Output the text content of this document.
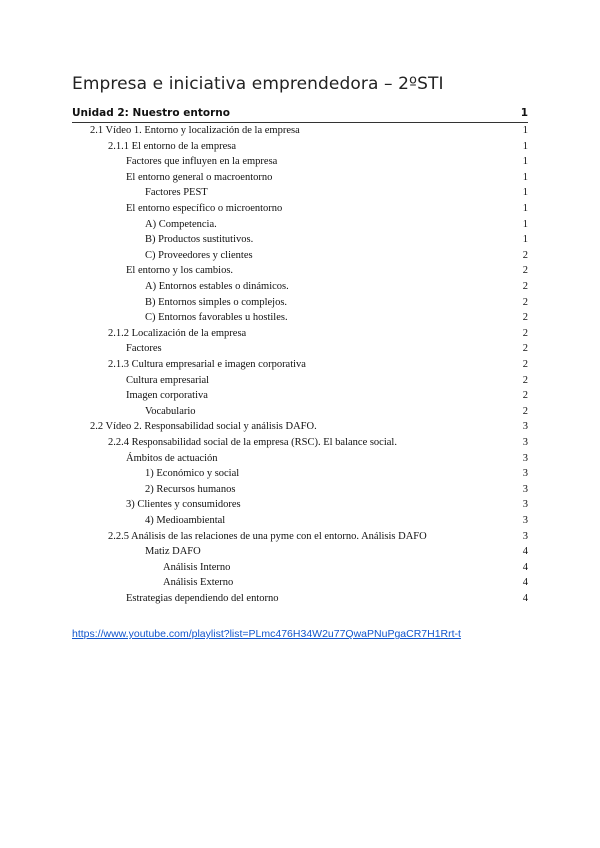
Empresa e iniciativa emprendedora – 2ºSTI
Unidad 2: Nuestro entorno	1
2.1 Vídeo 1. Entorno y localización de la empresa	1
2.1.1 El entorno de la empresa	1
Factores que influyen en la empresa	1
El entorno general o macroentorno	1
Factores PEST	1
El entorno específico o microentorno	1
A) Competencia.	1
B) Productos sustitutivos.	1
C) Proveedores y clientes	2
El entorno y los cambios.	2
A) Entornos estables o dinámicos.	2
B) Entornos simples o complejos.	2
C) Entornos favorables u hostiles.	2
2.1.2 Localización de la empresa	2
Factores	2
2.1.3 Cultura empresarial e imagen corporativa	2
Cultura empresarial	2
Imagen corporativa	2
Vocabulario	2
2.2 Vídeo 2. Responsabilidad social y análisis DAFO.	3
2.2.4 Responsabilidad social de la empresa (RSC). El balance social.	3
Ámbitos de actuación	3
1) Económico y social	3
2) Recursos humanos	3
3) Clientes y consumidores	3
4) Medioambiental	3
2.2.5 Análisis de las relaciones de una pyme con el entorno. Análisis DAFO	3
Matiz DAFO	4
Análisis Interno	4
Análisis Externo	4
Estrategias dependiendo del entorno	4
https://www.youtube.com/playlist?list=PLmc476H34W2u77QwaPNuPgaCR7H1Rrt-t
